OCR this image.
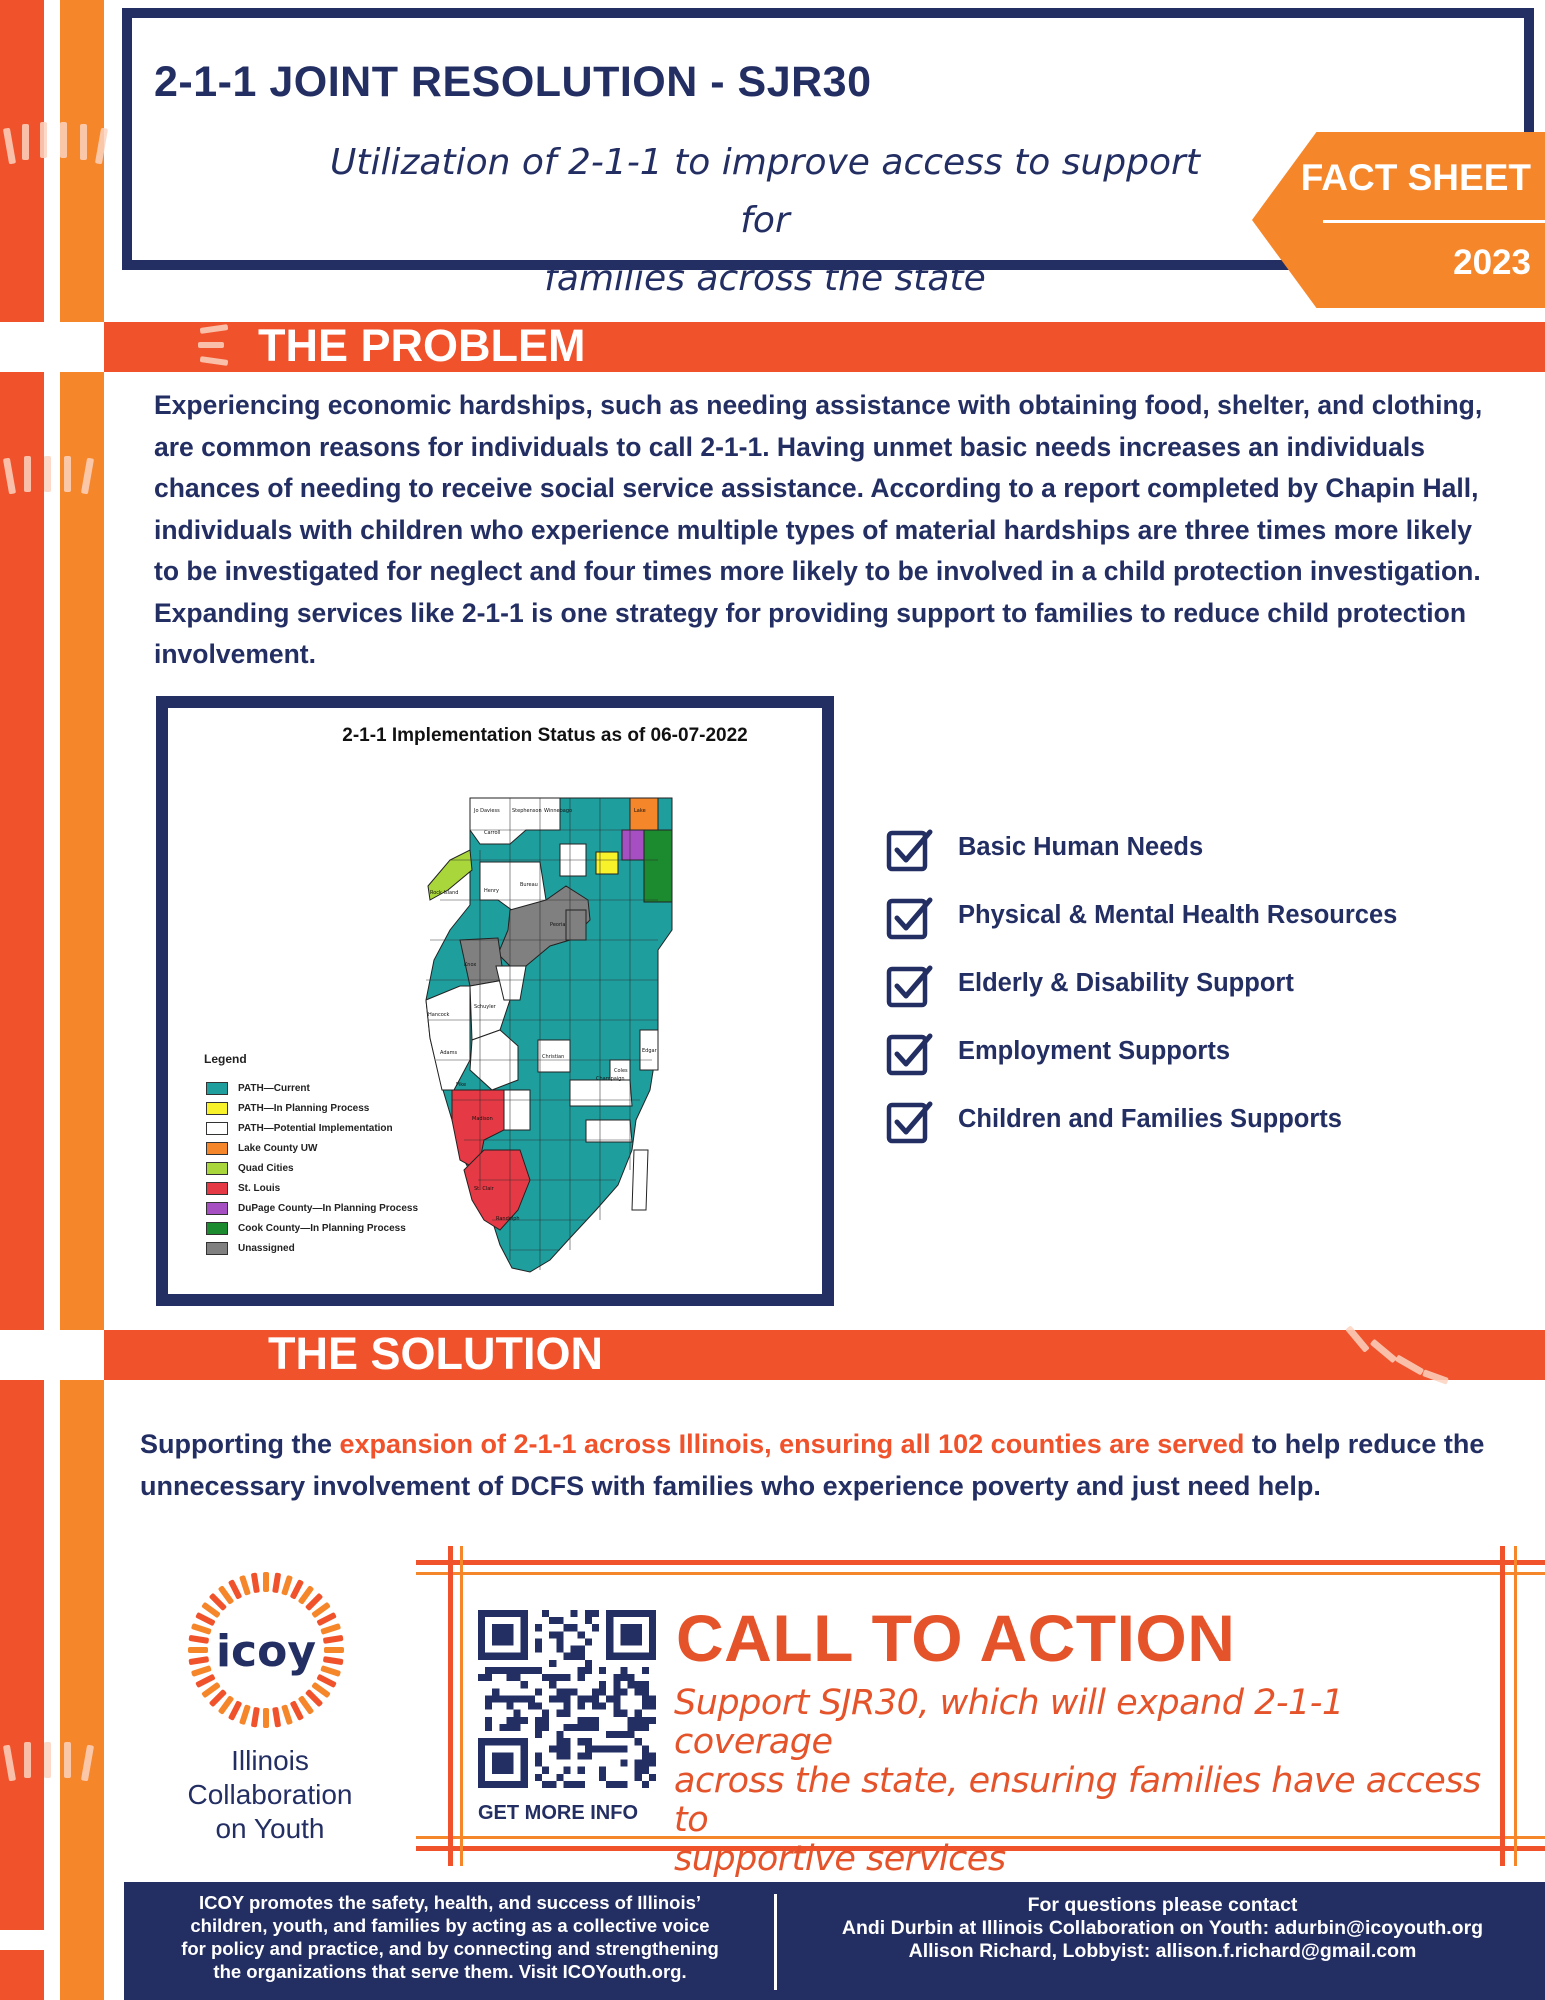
2-1-1 JOINT RESOLUTION - SJR30
Utilization of 2-1-1 to improve access to support for
families across the state
FACT SHEET
2023
THE PROBLEM
Experiencing economic hardships, such as needing assistance with obtaining food, shelter, and clothing, are common reasons for individuals to call 2-1-1. Having unmet basic needs increases an individuals chances of needing to receive social service assistance. According to a report completed by Chapin Hall, individuals with children who experience multiple types of material hardships are three times more likely to be investigated for neglect and four times more likely to be involved in a child protection investigation. Expanding services like 2-1-1 is one strategy for providing support to families to reduce child protection involvement.
2-1-1 Implementation Status as of 06-07-2022
Jo Daviess Stephenson Winnebago	Lake
Carroll
Rock Island	Henry
Bureau
Peoria
Hancock
Knox
Schuyler
Adams
Pike
Christian
Coles
Edgar
Madison
St. Clair
Randolph
Champaign
Legend
PATH—Current
PATH—In Planning Process
PATH—Potential Implementation
Lake County UW
Quad Cities
St. Louis
DuPage County—In Planning Process
Cook County—In Planning Process
Unassigned
Basic Human Needs
Physical & Mental Health Resources
Elderly & Disability Support
Employment Supports
Children and Families Supports
THE SOLUTION
Supporting the expansion of 2-1-1 across Illinois, ensuring all 102 counties are served to help reduce the unnecessary involvement of DCFS with families who experience poverty and just need help.
icoy
Illinois
Collaboration
on Youth	GET MORE INFO
CALL TO ACTION
Support SJR30, which will expand 2-1-1 coverage
across the state, ensuring families have access to
supportive services
ICOY promotes the safety, health, and success of Illinois’
children, youth, and families by acting as a collective voice
for policy and practice, and by connecting and strengthening
the organizations that serve them. Visit ICOYouth.org.
For questions please contact
Andi Durbin at Illinois Collaboration on Youth: adurbin@icoyouth.org
Allison Richard, Lobbyist: allison.f.richard@gmail.com
